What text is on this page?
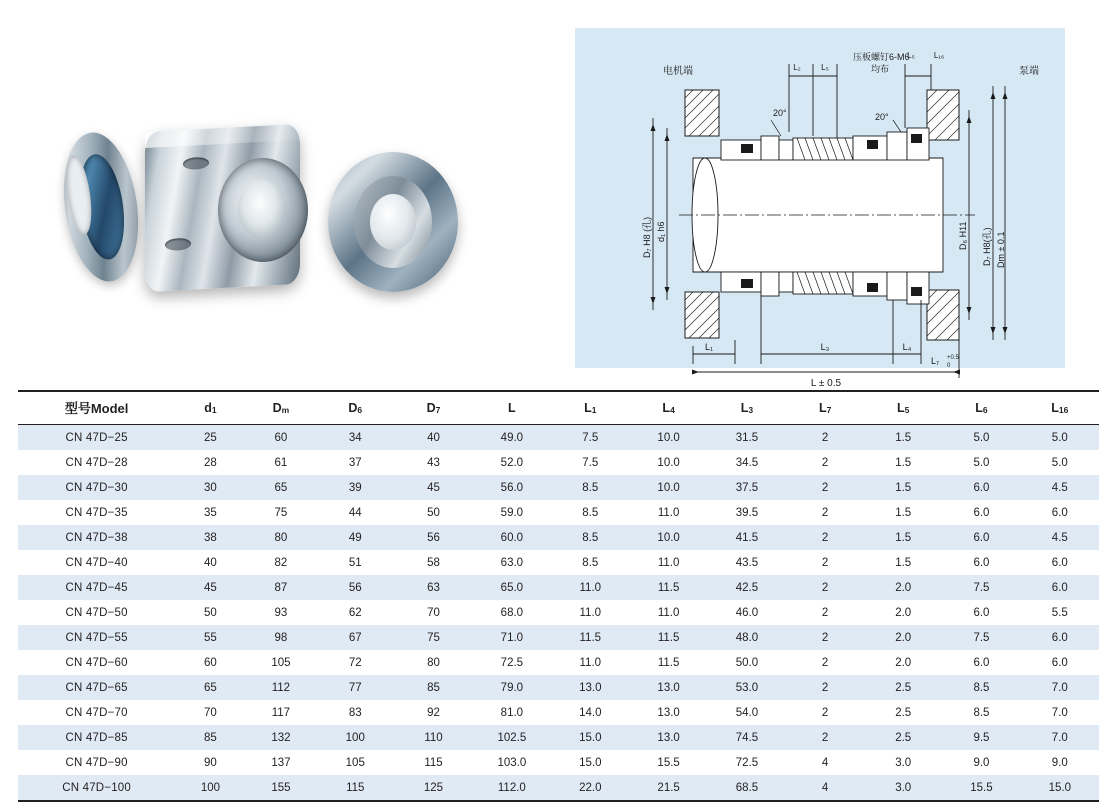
电机端	泵端
L₂	L₅
L₅ L₁₆
压板螺钉6-M6
均布
20°	20°
D₇ H8 (孔) d₁ h6	D₆ H11 D₇ H8(孔) Dm ± 0.1
L₁	L₃	L₄
L₇ +0.5
0
L ± 0.5
型号Model	d1	Dm	D6	D7	L	L1	L4	L3	L7	L5	L6	L16
CN 47D−25	25	60	34	40	49.0	7.5	10.0	31.5	2	1.5	5.0	5.0
CN 47D−28	28	61	37	43	52.0	7.5	10.0	34.5	2	1.5	5.0	5.0
CN 47D−30	30	65	39	45	56.0	8.5	10.0	37.5	2	1.5	6.0	4.5
CN 47D−35	35	75	44	50	59.0	8.5	11.0	39.5	2	1.5	6.0	6.0
CN 47D−38	38	80	49	56	60.0	8.5	10.0	41.5	2	1.5	6.0	4.5
CN 47D−40	40	82	51	58	63.0	8.5	11.0	43.5	2	1.5	6.0	6.0
CN 47D−45	45	87	56	63	65.0	11.0	11.5	42.5	2	2.0	7.5	6.0
CN 47D−50	50	93	62	70	68.0	11.0	11.0	46.0	2	2.0	6.0	5.5
CN 47D−55	55	98	67	75	71.0	11.5	11.5	48.0	2	2.0	7.5	6.0
CN 47D−60	60	105	72	80	72.5	11.0	11.5	50.0	2	2.0	6.0	6.0
CN 47D−65	65	112	77	85	79.0	13.0	13.0	53.0	2	2.5	8.5	7.0
CN 47D−70	70	117	83	92	81.0	14.0	13.0	54.0	2	2.5	8.5	7.0
CN 47D−85	85	132	100	110	102.5	15.0	13.0	74.5	2	2.5	9.5	7.0
CN 47D−90	90	137	105	115	103.0	15.0	15.5	72.5	4	3.0	9.0	9.0
CN 47D−100	100	155	115	125	112.0	22.0	21.5	68.5	4	3.0	15.5	15.0
